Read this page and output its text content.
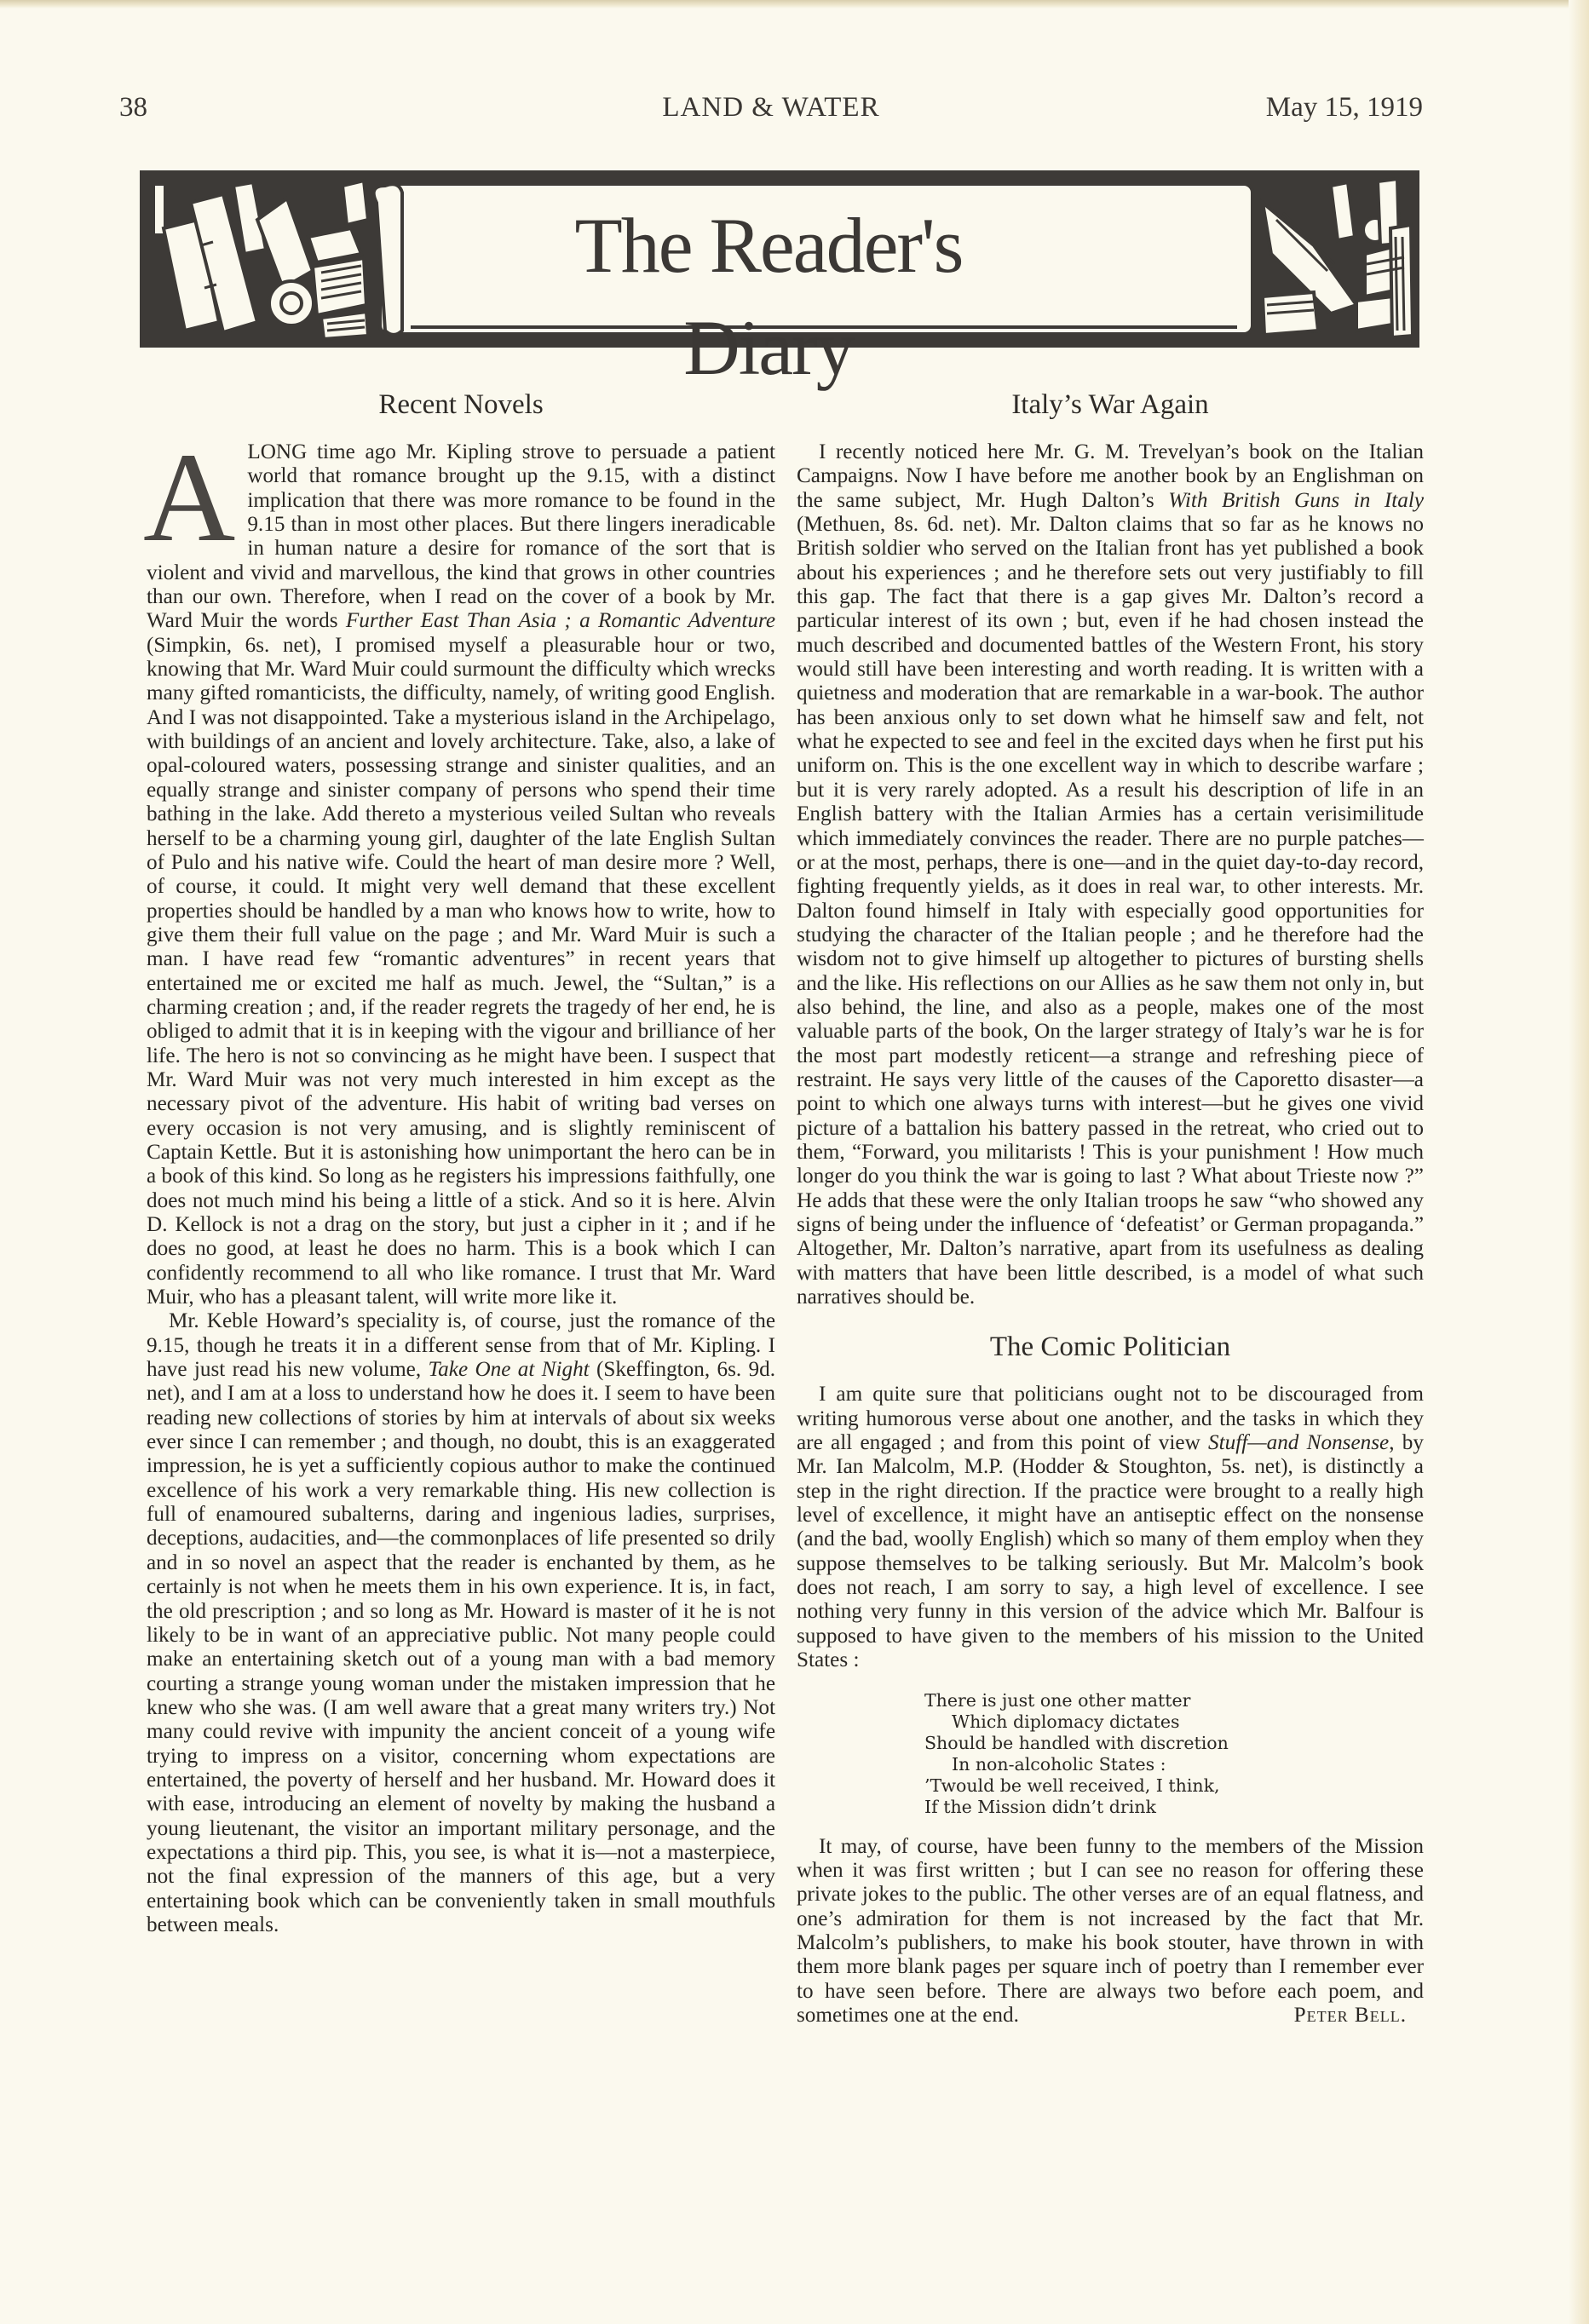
38	LAND & WATER	May 15, 1919
The Reader's Diary
Recent Novels

ALONG time ago Mr. Kipling strove to persuade a patient world that romance brought up the 9.15, with a distinct implication that there was more romance to be found in the 9.15 than in most other places. But there lingers ineradicable in human nature a desire for romance of the sort that is violent and vivid and marvellous, the kind that grows in other countries than our own. Therefore, when I read on the cover of a book by Mr. Ward Muir the words Further East Than Asia ; a Romantic Adventure (Simpkin, 6s. net), I promised myself a pleasurable hour or two, knowing that Mr. Ward Muir could surmount the difficulty which wrecks many gifted romanticists, the difficulty, namely, of writing good English. And I was not disappointed. Take a mysterious island in the Archipelago, with buildings of an ancient and lovely architecture. Take, also, a lake of opal-coloured waters, possessing strange and sinister qualities, and an equally strange and sinister company of persons who spend their time bathing in the lake. Add thereto a mysterious veiled Sultan who reveals herself to be a charming young girl, daughter of the late English Sultan of Pulo and his native wife. Could the heart of man desire more ? Well, of course, it could. It might very well demand that these excellent properties should be handled by a man who knows how to write, how to give them their full value on the page ; and Mr. Ward Muir is such a man. I have read few “romantic adventures” in recent years that entertained me or excited me half as much. Jewel, the “Sultan,” is a charming creation ; and, if the reader regrets the tragedy of her end, he is obliged to admit that it is in keeping with the vigour and brilliance of her life. The hero is not so convincing as he might have been. I suspect that Mr. Ward Muir was not very much interested in him except as the necessary pivot of the adventure. His habit of writing bad verses on every occasion is not very amusing, and is slightly reminiscent of Captain Kettle. But it is astonishing how unimportant the hero can be in a book of this kind. So long as he registers his impressions faithfully, one does not much mind his being a little of a stick. And so it is here. Alvin D. Kellock is not a drag on the story, but just a cipher in it ; and if he does no good, at least he does no harm. This is a book which I can confidently recommend to all who like romance. I trust that Mr. Ward Muir, who has a pleasant talent, will write more like it.

Mr. Keble Howard’s speciality is, of course, just the romance of the 9.15, though he treats it in a different sense from that of Mr. Kipling. I have just read his new volume, Take One at Night (Skeffington, 6s. 9d. net), and I am at a loss to understand how he does it. I seem to have been reading new collections of stories by him at intervals of about six weeks ever since I can remember ; and though, no doubt, this is an exaggerated impression, he is yet a sufficiently copious author to make the continued excellence of his work a very remarkable thing. His new collection is full of enamoured subalterns, daring and ingenious ladies, surprises, deceptions, audacities, and—the commonplaces of life presented so drily and in so novel an aspect that the reader is enchanted by them, as he certainly is not when he meets them in his own experience. It is, in fact, the old prescription ; and so long as Mr. Howard is master of it he is not likely to be in want of an appreciative public. Not many people could make an entertaining sketch out of a young man with a bad memory courting a strange young woman under the mistaken impression that he knew who she was. (I am well aware that a great many writers try.) Not many could revive with impunity the ancient conceit of a young wife trying to impress on a visitor, concerning whom expectations are entertained, the poverty of herself and her husband. Mr. Howard does it with ease, introducing an element of novelty by making the husband a young lieutenant, the visitor an important military personage, and the expectations a third pip. This, you see, is what it is—not a masterpiece, not the final expression of the manners of this age, but a very entertaining book which can be conveniently taken in small mouthfuls between meals.

Italy’s War Again

I recently noticed here Mr. G. M. Trevelyan’s book on the Italian Campaigns. Now I have before me another book by an Englishman on the same subject, Mr. Hugh Dalton’s With British Guns in Italy (Methuen, 8s. 6d. net). Mr. Dalton claims that so far as he knows no British soldier who served on the Italian front has yet published a book about his experiences ; and he therefore sets out very justifiably to fill this gap. The fact that there is a gap gives Mr. Dalton’s record a particular interest of its own ; but, even if he had chosen instead the much described and documented battles of the Western Front, his story would still have been interesting and worth reading. It is written with a quietness and moderation that are remarkable in a war-book. The author has been anxious only to set down what he himself saw and felt, not what he expected to see and feel in the excited days when he first put his uniform on. This is the one excellent way in which to describe warfare ; but it is very rarely adopted. As a result his description of life in an English battery with the Italian Armies has a certain verisimilitude which immediately convinces the reader. There are no purple patches—or at the most, perhaps, there is one—and in the quiet day-to-day record, fighting frequently yields, as it does in real war, to other interests. Mr. Dalton found himself in Italy with especially good opportunities for studying the character of the Italian people ; and he therefore had the wisdom not to give himself up altogether to pictures of bursting shells and the like. His reflections on our Allies as he saw them not only in, but also behind, the line, and also as a people, makes one of the most valuable parts of the book, On the larger strategy of Italy’s war he is for the most part modestly reticent—a strange and refreshing piece of restraint. He says very little of the causes of the Caporetto disaster—a point to which one always turns with interest—but he gives one vivid picture of a battalion his battery passed in the retreat, who cried out to them, “Forward, you militarists ! This is your punishment ! How much longer do you think the war is going to last ? What about Trieste now ?” He adds that these were the only Italian troops he saw “who showed any signs of being under the influence of ‘defeatist’ or German propaganda.” Altogether, Mr. Dalton’s narrative, apart from its usefulness as dealing with matters that have been little described, is a model of what such narratives should be.

The Comic Politician

I am quite sure that politicians ought not to be discouraged from writing humorous verse about one another, and the tasks in which they are all engaged ; and from this point of view Stuff—and Nonsense, by Mr. Ian Malcolm, M.P. (Hodder & Stoughton, 5s. net), is distinctly a step in the right direction. If the practice were brought to a really high level of excellence, it might have an antiseptic effect on the nonsense (and the bad, woolly English) which so many of them employ when they suppose themselves to be talking seriously. But Mr. Malcolm’s book does not reach, I am sorry to say, a high level of excellence. I see nothing very funny in this version of the advice which Mr. Balfour is supposed to have given to the members of his mission to the United States :

There is just one other matter
Which diplomacy dictates
Should be handled with discretion
In non-alcoholic States :
’Twould be well received, I think,
If the Mission didn’t drink

It may, of course, have been funny to the members of the Mission when it was first written ; but I can see no reason for offering these private jokes to the public. The other verses are of an equal flatness, and one’s admiration for them is not increased by the fact that Mr. Malcolm’s publishers, to make his book stouter, have thrown in with them more blank pages per square inch of poetry than I remember ever to have seen before. There are always two before each poem, and sometimes one at the end.	Peter Bell.
